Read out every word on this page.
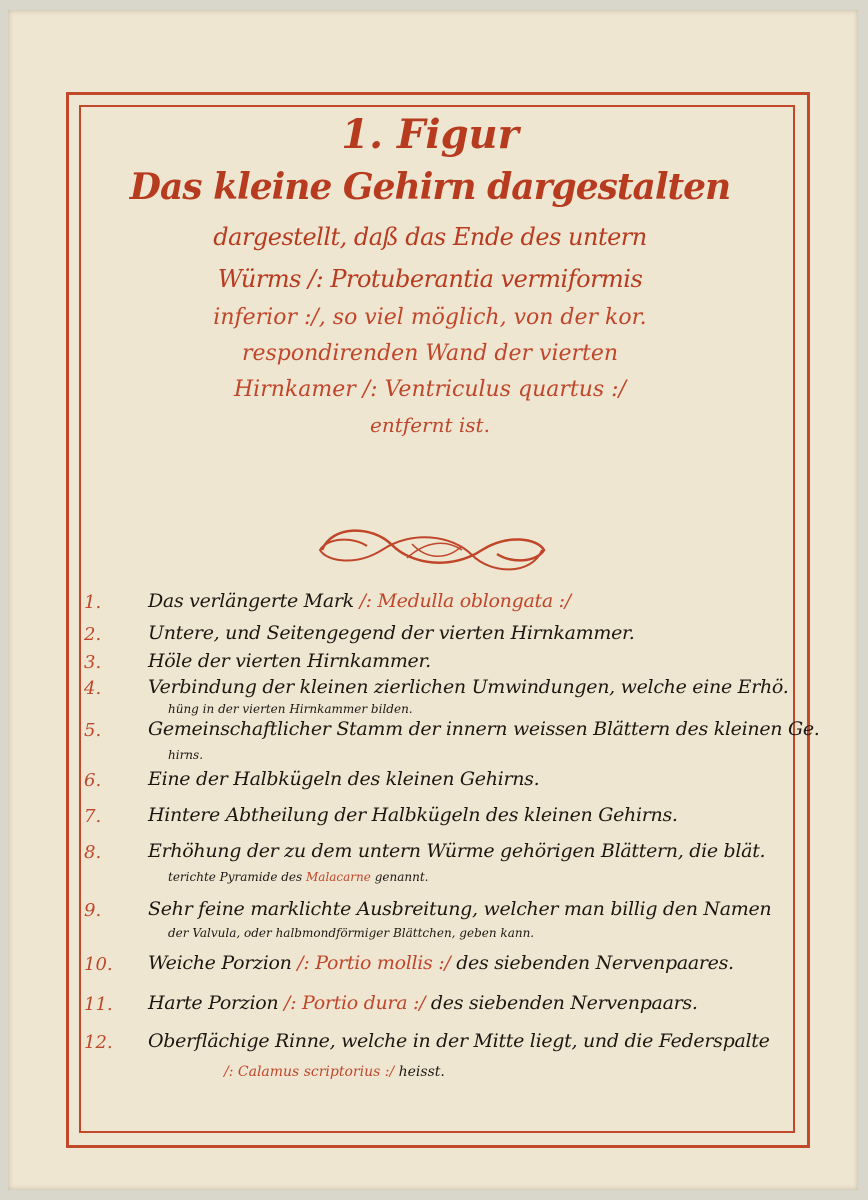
1. Figur
Das kleine Gehirn dargestalten
dargestellt, daß das Ende des untern
Würms /: Protuberantia vermiformis
inferior :/, so viel möglich, von der kor.
respondirenden Wand der vierten
Hirnkamer /: Ventriculus quartus :/
entfernt ist.
1.	Das verlängerte Mark /: Medulla oblongata :/
2.	Untere, und Seitengegend der vierten Hirnkammer.
3.	Höle der vierten Hirnkammer.
4.	Verbindung der kleinen zierlichen Umwindungen, welche eine Erhö.
hüng in der vierten Hirnkammer bilden.
5.	Gemeinschaftlicher Stamm der innern weissen Blättern des kleinen Ge.
hirns.
6.	Eine der Halbkügeln des kleinen Gehirns.
7.	Hintere Abtheilung der Halbkügeln des kleinen Gehirns.
8.	Erhöhung der zu dem untern Würme gehörigen Blättern, die blät.
terichte Pyramide des Malacarne genannt.
9.	Sehr feine marklichte Ausbreitung, welcher man billig den Namen
der Valvula, oder halbmondförmiger Blättchen, geben kann.
10.	Weiche Porzion /: Portio mollis :/ des siebenden Nervenpaares.
11.	Harte Porzion /: Portio dura :/ des siebenden Nervenpaars.
12.	Oberflächige Rinne, welche in der Mitte liegt, und die Federspalte
/: Calamus scriptorius :/ heisst.
